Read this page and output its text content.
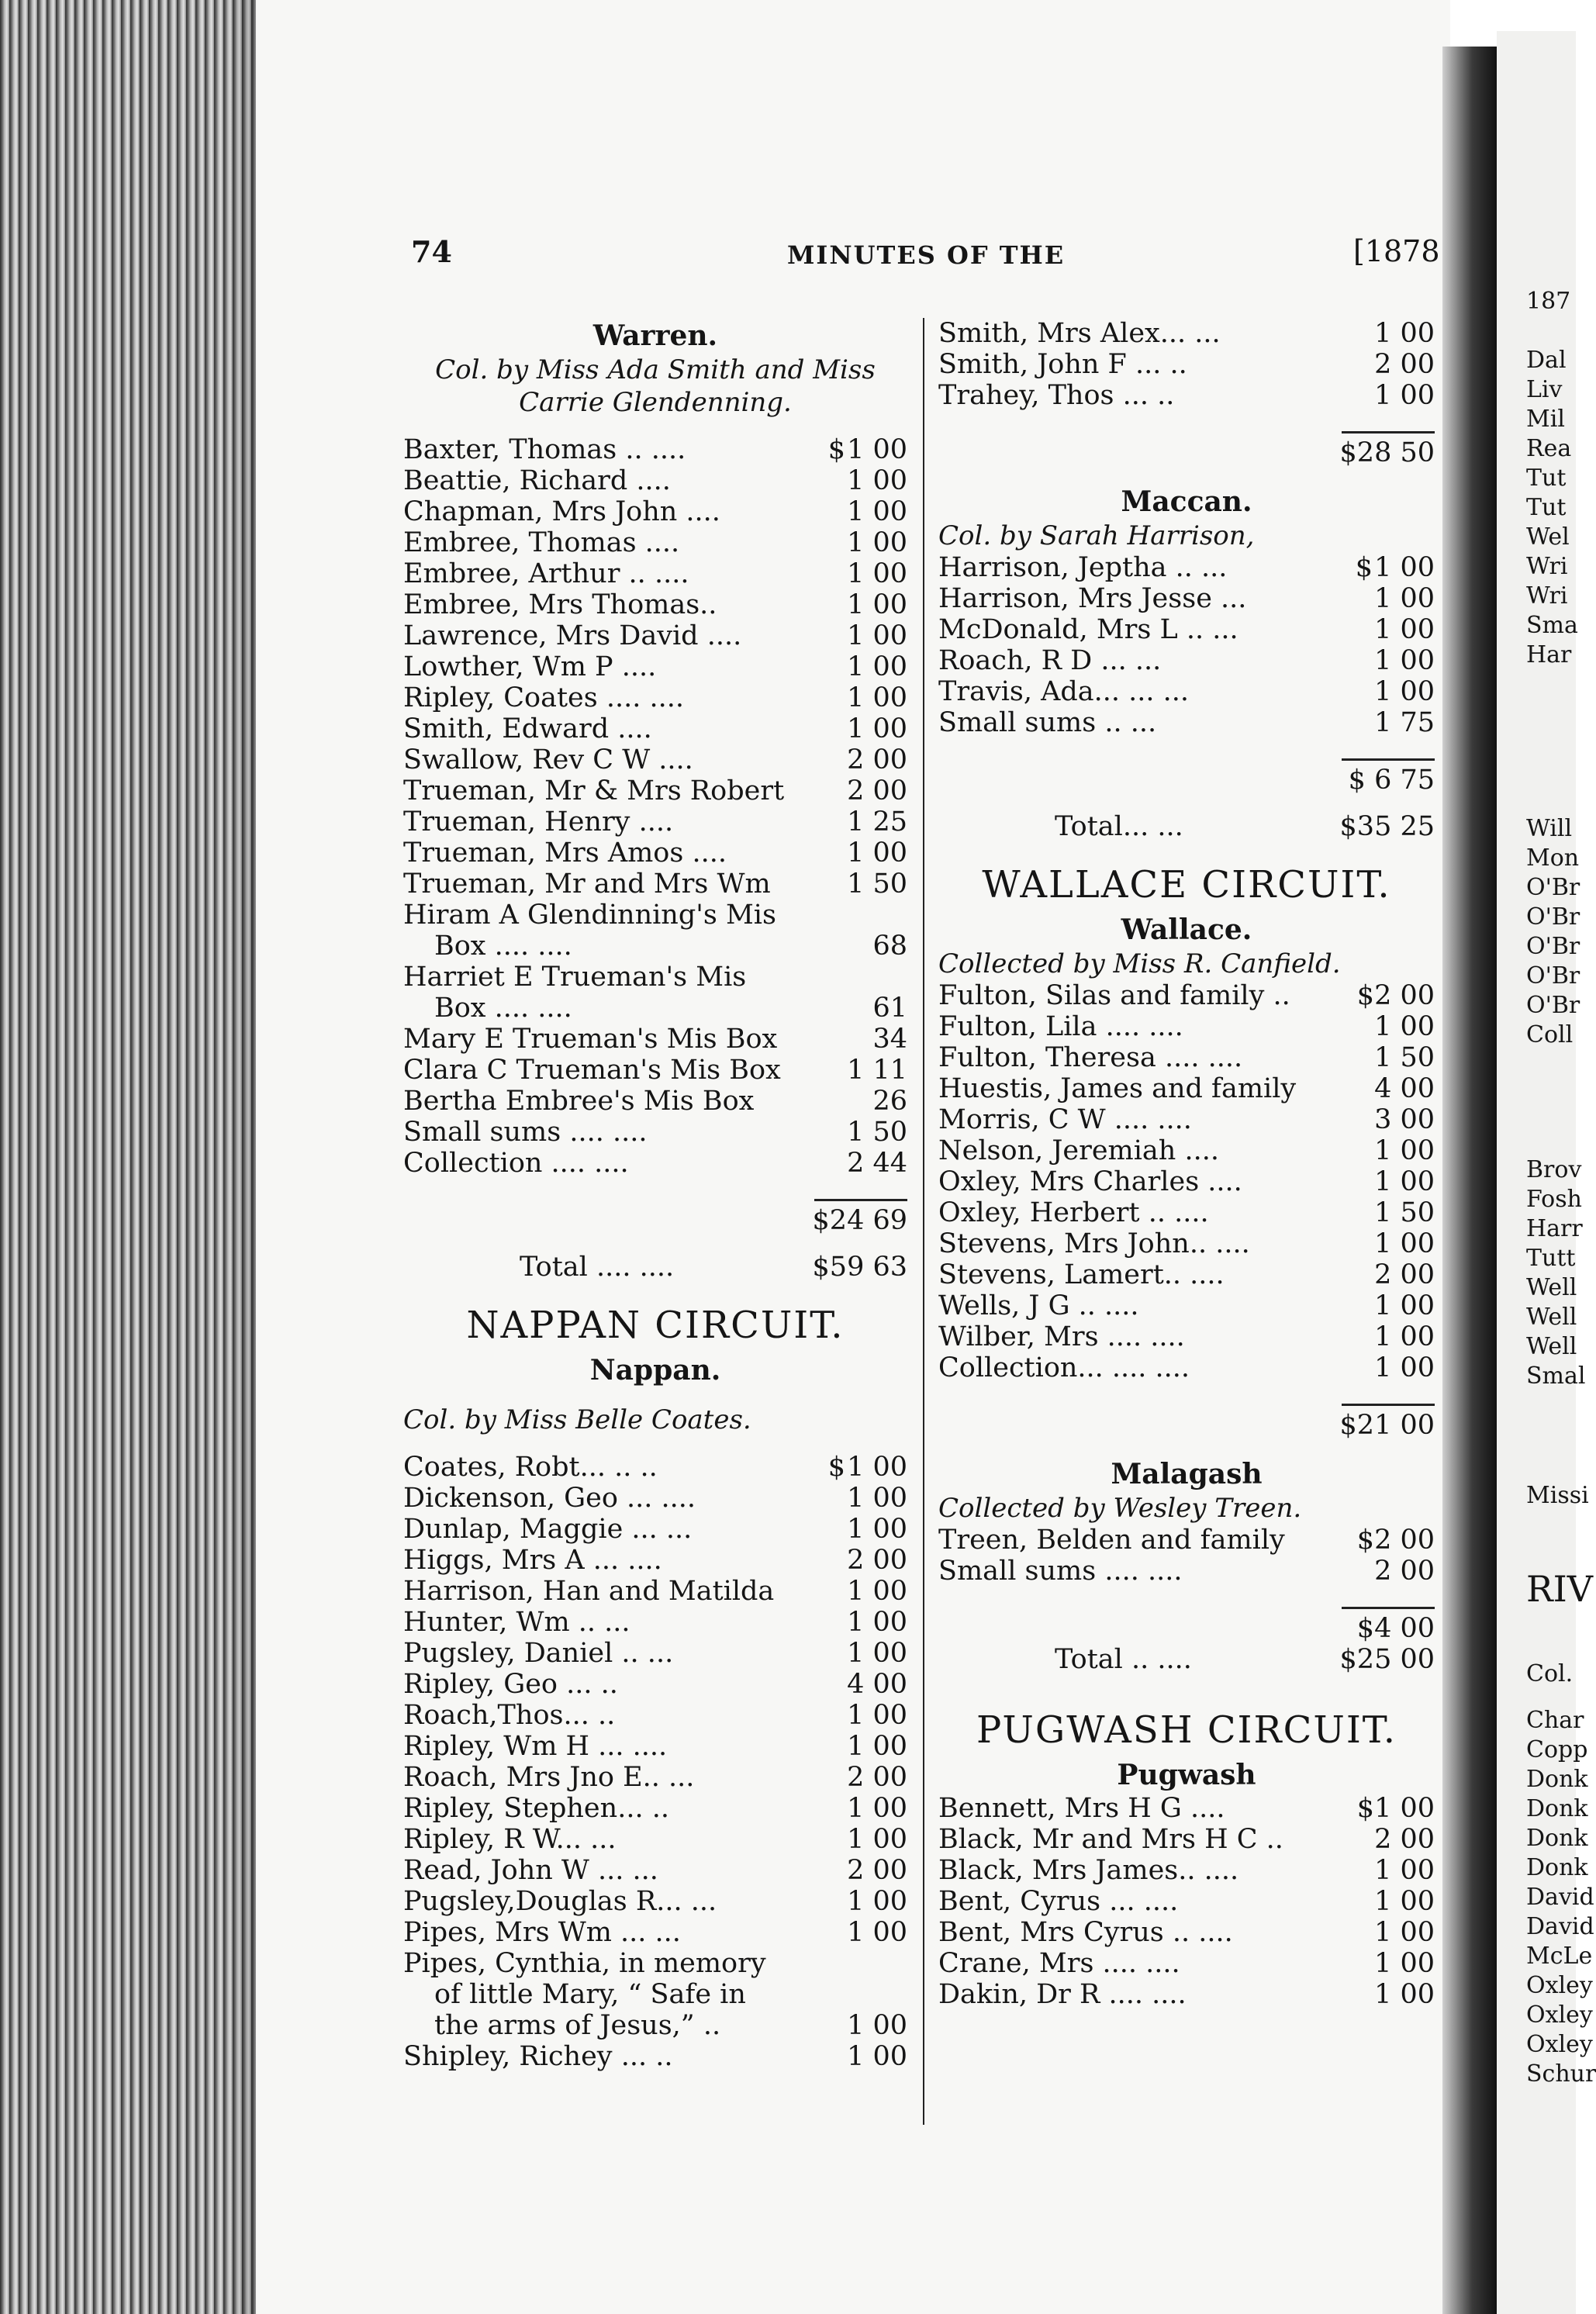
187
Dal
Liv
Mil
Rea
Tut
Tut
Wel
Wri
Wri
Sma
Har
Will
Mon
O'Br
O'Br
O'Br
O'Br
O'Br
Coll
Brov
Fosh
Harr
Tutt
Well
Well
Well
Smal
Missi
RIV
Col.
Char
Copp
Donk
Donk
Donk
Donk
David
David
McLe
Oxley
Oxley
Oxley
Schur
74	MINUTES OF THE	[1878
Warren.
Col. by Miss Ada Smith and Miss
Carrie Glendenning.
Baxter, Thomas .. ....	$ 1 00
Beattie, Richard ....	1 00
Chapman, Mrs John ....	1 00
Embree, Thomas ....	1 00
Embree, Arthur .. ....	1 00
Embree, Mrs Thomas..	1 00
Lawrence, Mrs David ....	1 00
Lowther, Wm P ....	1 00
Ripley, Coates .... ....	1 00
Smith, Edward ....	1 00
Swallow, Rev C W ....	2 00
Trueman, Mr & Mrs Robert 2 00
Trueman, Henry ....	1 25
Trueman, Mrs Amos ....	1 00
Trueman, Mr and Mrs Wm	1 50
Hiram A Glendinning's Mis
Box .... ....	68
Harriet E Trueman's Mis
Box .... ....	61
Mary E Trueman's Mis Box	34
Clara C Trueman's Mis Box 1 11
Bertha Embree's Mis Box	26
Small sums .... ....	1 50
Collection .... ....	2 44
$24 69
Total .... ....	$59 63
NAPPAN CIRCUIT.
Nappan.
Col. by Miss Belle Coates.
Coates, Robt... .. ..	$ 1 00
Dickenson, Geo ... ....	1 00
Dunlap, Maggie ... ...	1 00
Higgs, Mrs A ... ....	2 00
Harrison, Han and Matilda	1 00
Hunter, Wm .. ...	1 00
Pugsley, Daniel .. ...	1 00
Ripley, Geo ... ..	4 00
Roach,Thos... ..	1 00
Ripley, Wm H ... ....	1 00
Roach, Mrs Jno E.. ...	2 00
Ripley, Stephen... ..	1 00
Ripley, R W... ...	1 00
Read, John W ... ...	2 00
Pugsley,Douglas R... ...	1 00
Pipes, Mrs Wm ... ...	1 00
Pipes, Cynthia, in memory
of little Mary, “ Safe in
the arms of Jesus,” ..	1 00
Shipley, Richey ... ..	1 00
Smith, Mrs Alex... ...	1 00
Smith, John F ... ..	2 00
Trahey, Thos ... ..	1 00
$28 50
Maccan.
Col. by Sarah Harrison,
Harrison, Jeptha .. ...	$ 1 00
Harrison, Mrs Jesse ...	1 00
McDonald, Mrs L .. ...	1 00
Roach, R D ... ...	1 00
Travis, Ada... ... ...	1 00
Small sums .. ...	1 75
$ 6 75
Total... ...	$35 25
WALLACE CIRCUIT.
Wallace.
Collected by Miss R. Canfield.
Fulton, Silas and family .. $2 00
Fulton, Lila .... ....	1 00
Fulton, Theresa .... ....	1 50
Huestis, James and family	4 00
Morris, C W .... ....	3 00
Nelson, Jeremiah ....	1 00
Oxley, Mrs Charles ....	1 00
Oxley, Herbert .. ....	1 50
Stevens, Mrs John.. ....	1 00
Stevens, Lamert.. ....	2 00
Wells, J G .. ....	1 00
Wilber, Mrs .... ....	1 00
Collection... .... ....	1 00
$21 00
Malagash
Collected by Wesley Treen.
Treen, Belden and family	$2 00
Small sums .... ....	2 00
$4 00
Total .. ....	$25 00
PUGWASH CIRCUIT.
Pugwash
Bennett, Mrs H G ....	$1 00
Black, Mr and Mrs H C ..	2 00
Black, Mrs James.. ....	1 00
Bent, Cyrus ... ....	1 00
Bent, Mrs Cyrus .. ....	1 00
Crane, Mrs .... ....	1 00
Dakin, Dr R .... ....	1 00
